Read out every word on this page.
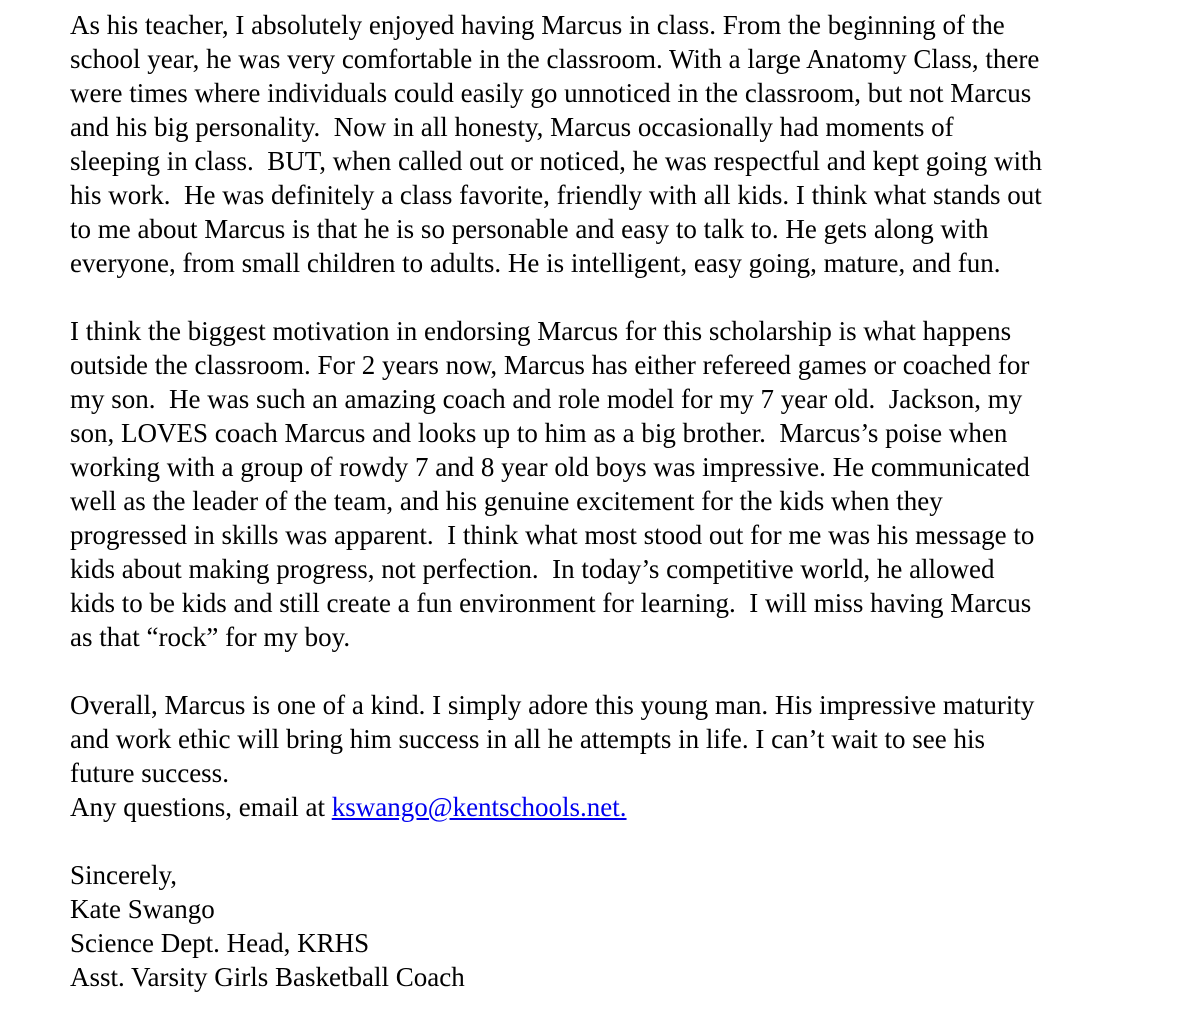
As his teacher, I absolutely enjoyed having Marcus in class. From the beginning of the
school year, he was very comfortable in the classroom. With a large Anatomy Class, there
were times where individuals could easily go unnoticed in the classroom, but not Marcus
and his big personality.  Now in all honesty, Marcus occasionally had moments of
sleeping in class.  BUT, when called out or noticed, he was respectful and kept going with
his work.  He was definitely a class favorite, friendly with all kids. I think what stands out
to me about Marcus is that he is so personable and easy to talk to. He gets along with
everyone, from small children to adults. He is intelligent, easy going, mature, and fun.
I think the biggest motivation in endorsing Marcus for this scholarship is what happens
outside the classroom. For 2 years now, Marcus has either refereed games or coached for
my son.  He was such an amazing coach and role model for my 7 year old.  Jackson, my
son, LOVES coach Marcus and looks up to him as a big brother.  Marcus’s poise when
working with a group of rowdy 7 and 8 year old boys was impressive. He communicated
well as the leader of the team, and his genuine excitement for the kids when they
progressed in skills was apparent.  I think what most stood out for me was his message to
kids about making progress, not perfection.  In today’s competitive world, he allowed
kids to be kids and still create a fun environment for learning.  I will miss having Marcus
as that “rock” for my boy.
Overall, Marcus is one of a kind. I simply adore this young man. His impressive maturity
and work ethic will bring him success in all he attempts in life. I can’t wait to see his
future success.
Any questions, email at kswango@kentschools.net.
Sincerely,
Kate Swango
Science Dept. Head, KRHS
Asst. Varsity Girls Basketball Coach
